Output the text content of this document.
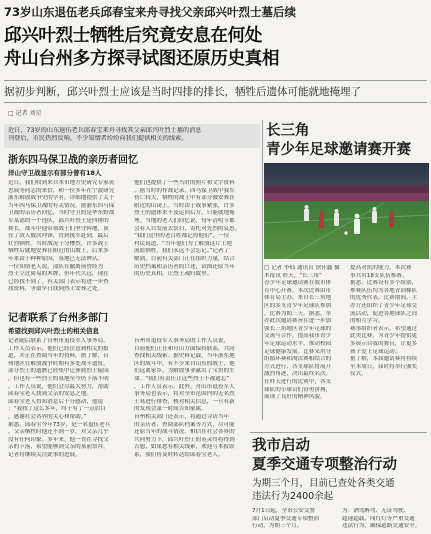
73岁山东退伍老兵邱春宝来舟寻找父亲邱兴叶烈士墓后续
邱兴叶烈士牺牲后究竟安息在何处
舟山台州多方探寻试图还原历史真相
据初步判断，邱兴叶烈士应该是当时四排的排长，牺牲后遗体可能就地掩埋了
□ 记者 刘星
近日，73岁的山东退伍老兵邱春宝来舟寻找其父亲邱兴叶烈士墓的消息
刊登后，市民热烈反响，不少知情者纷纷向我们提供相关的线索。
浙东四马保卫战的亲历者回忆
洋山守卫战显示有部分曾有18人
近日，我们收到来自本市地方史研究专家黄
忠展等同志的来信，和一位多年在宁波研究
浙东解放战争史的学者，详细地提供了关于
当年四马保卫战的有关情况。据浙东四马保
卫战的亲历者回忆，当时守卫的是华东野战
军某部的一个连队，邱兴叶烈士是四排的
排长。战斗中他带领战士们坚守阵地，顶
住了敌人数次冲锋，直到援军赶到，最后
壮烈牺牲。当时战况十分惨烈，许多战士
牺牲后就地安葬在附近的山坡上，后来多
年来由于种种原因，墓地已无法辨认。
一位知情老人说，部队在撤离前曾经为
烈士立过简易的木牌，但年代久远，现在
已经找不到了。有关部门表示将进一步查
找资料，争取早日找到烈士安葬之处。
他们也提供了一些当时的照片和文字资料
。据当时的作战记录，四马保卫战中我军
伤亡较大，牺牲的战士中有部分被安葬在
附近的山岗上。当时由于战事紧张，许多
烈士的遗体来不及运回后方，只能就地掩
埋。当地的老人们回忆说，每年清明节都
会有人自发前去祭扫，寄托对先烈的哀思。
“我们这里的老百姓都记得他们”，一位
村民说道，“当年他们为了解放这片土地
流血牺牲，我们永远不会忘记。”记者了
解到，目前有关部门正在组织力量，结合
历史档案和亲历者的口述，试图还原当年
的历史真相，让烈士魂归故里。
记者联系了台州多部门
希望找到邱兴叶烈士的相关信息
记者随后联系了台州市退役军人事务局，
工作人员表示，他们已经注意到相关的报
道，并正在查阅当年的资料。据了解，台
州地区在解放战争时期有多处战斗遗址，
部分烈士的遗骸已经集中迁葬到烈士陵园
，但也有一些烈士的墓地至今仍下落不明
。工作人员说，他们会尽最大努力，帮助
邱春宝老人找到父亲的安息之地。
邱春宝老人得知消息后十分感动，他说
：“我找了这么多年，终于有了一点眉目
，感谢社会各界的关心和帮助。”
据悉，邱春宝今年73岁，是一名退伍老兵
，父亲牺牲时他还不到一岁，对父亲几乎
没有任何印象。多年来，他一直在寻找父
亲的下落，希望能够到父亲的墓前祭拜。
记者将继续关注此事的进展。
台州市退役军人事务局的工作人员说，
目前他们正在和舟山方面保持联系，共同
查找相关线索。据史料记载，当年浙东地
区的战斗中，有不少来自山东的战士，他
们远离家乡，为解放事业献出了宝贵的生
命。“我们有责任让这些烈士不被遗忘”
，工作人员表示。此外，舟山市退役军人
事务局也表示，将对全市范围内的无名烈
士墓进行排查，核对相关信息，一旦有新
的发现会第一时间告知家属。
台州相关部门还表示，将通过寻访当年
的亲历者、查阅部队档案等方式，尽可能
还原当年的战斗情况。相信在社会各界的
共同努力下，邱兴叶烈士的英灵终将得到
告慰。如果您有相关线索，欢迎与本报联
系，我们将及时转达给邱春宝老人。
长三角
青少年足球邀请赛开赛
□ 记者 李仙 通讯员 徐佳鑫 摄
本报讯 昨天，“长三角”
青少年足球邀请赛在我市体
育中心开赛。本次比赛由市
体育局主办，来自长三角地
区的多支青少年足球队参加
，比赛为期三天。据悉，举
办此次邀请赛旨在进一步加
强长三角地区青少年足球的
交流与合作，提高我市青少
年足球运动水平，推动校园
足球健康发展。比赛采用分
组循环赛和淘汰赛相结合的
方式进行，各支球队将展开
激烈角逐，决出最终名次。
在昨天进行的比赛中，各支
球队的小球员们奋勇拼搏，
展现了良好的精神风貌。
提高对抗的能力。本次赛
事共有18支队伍参赛。
据悉，比赛设有多个组别，
参赛队伍均为各地青训梯队
的优秀代表。比赛期间，主
办方还组织了青少年足球交
流活动，促进各地球队之间
的相互学习。
赛事组织者表示，希望通过
此类比赛，为青少年提供更
多展示自我的舞台，让更多
孩子爱上足球运动。
据了解，本届邀请赛将持续
至本周日，届时将举行颁奖
仪式。
我市启动
夏季交通专项整治行动
为期三个月，目前已查处各类交通
违法行为2400余起
7月1日起，全市公安交警
部门启动夏季交通专项整治
行动，为期三个月。
为：酒驾醉驾、无证驾驶、
超速超载、闯红灯等严重交通
违法行为，确保道路交通安全。
